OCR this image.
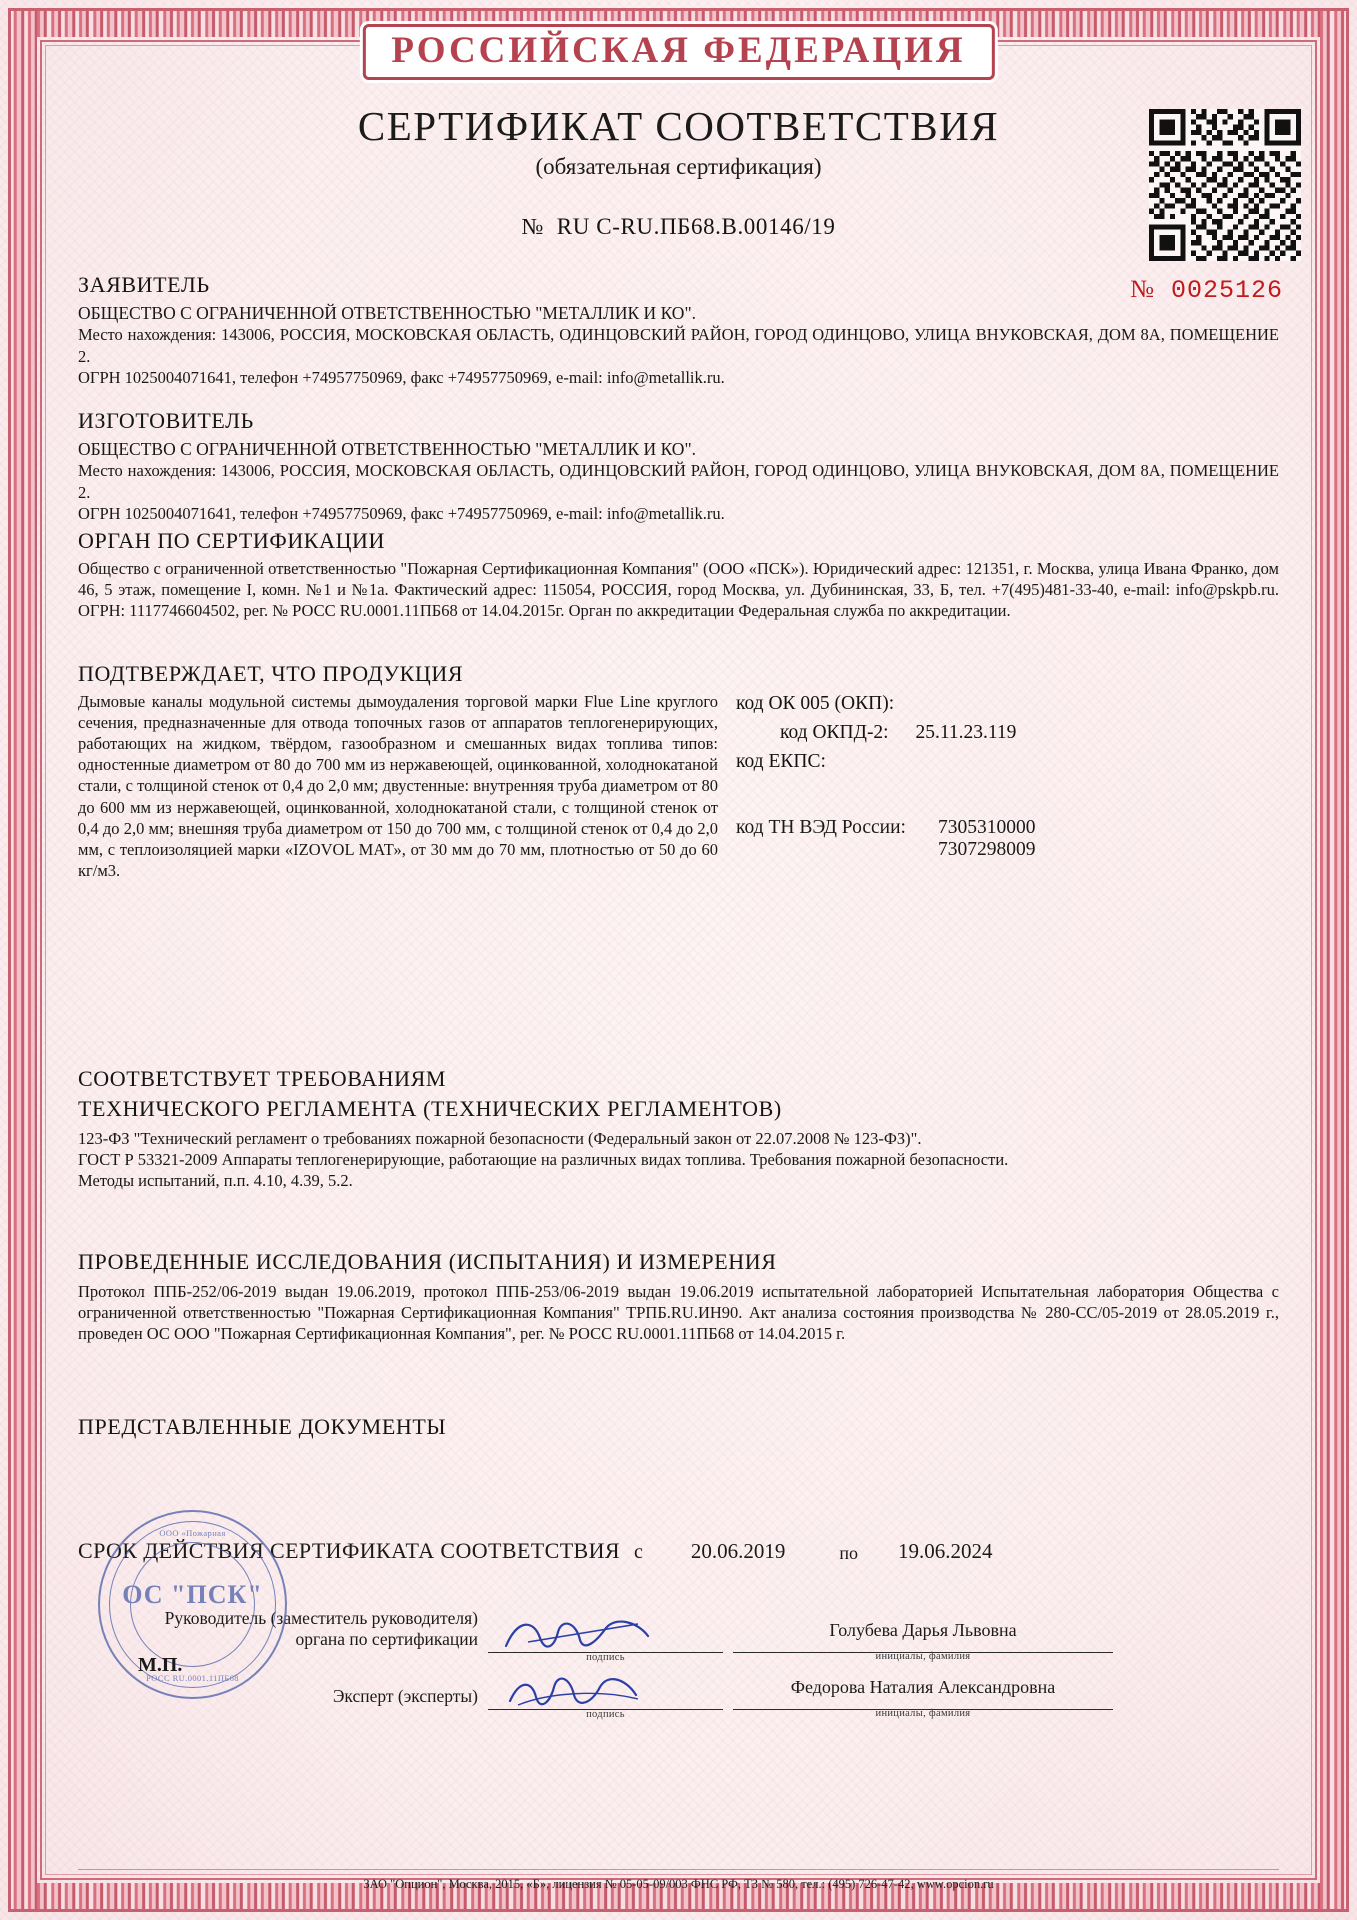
РОССИЙСКАЯ ФЕДЕРАЦИЯ
СЕРТИФИКАТ СООТВЕТСТВИЯ
(обязательная сертификация)
№ RU C-RU.ПБ68.В.00146/19
№ 0025126
ЗАЯВИТЕЛЬ

ОБЩЕСТВО С ОГРАНИЧЕННОЙ ОТВЕТСТВЕННОСТЬЮ "МЕТАЛЛИК И КО".

Место нахождения: 143006, РОССИЯ, МОСКОВСКАЯ ОБЛАСТЬ, ОДИНЦОВСКИЙ РАЙОН, ГОРОД ОДИНЦОВО, УЛИЦА ВНУКОВСКАЯ, ДОМ 8А, ПОМЕЩЕНИЕ 2.

ОГРН 1025004071641, телефон +74957750969, факс +74957750969, e-mail: info@metallik.ru.

ИЗГОТОВИТЕЛЬ

ОБЩЕСТВО С ОГРАНИЧЕННОЙ ОТВЕТСТВЕННОСТЬЮ "МЕТАЛЛИК И КО".

Место нахождения: 143006, РОССИЯ, МОСКОВСКАЯ ОБЛАСТЬ, ОДИНЦОВСКИЙ РАЙОН, ГОРОД ОДИНЦОВО, УЛИЦА ВНУКОВСКАЯ, ДОМ 8А, ПОМЕЩЕНИЕ 2.

ОГРН 1025004071641, телефон +74957750969, факс +74957750969, e-mail: info@metallik.ru.

ОРГАН ПО СЕРТИФИКАЦИИ

Общество с ограниченной ответственностью "Пожарная Сертификационная Компания" (ООО «ПСК»). Юридический адрес: 121351, г. Москва, улица Ивана Франко, дом 46, 5 этаж, помещение I, комн. №1 и №1а. Фактический адрес: 115054, РОССИЯ, город Москва, ул. Дубининская, 33, Б, тел. +7(495)481-33-40, e-mail: info@pskpb.ru. ОГРН: 1117746604502, рег. № РОСС RU.0001.11ПБ68 от 14.04.2015г. Орган по аккредитации Федеральная служба по аккредитации.

ПОДТВЕРЖДАЕТ, ЧТО ПРОДУКЦИЯ

Дымовые каналы модульной системы дымоудаления торговой марки Flue Line круглого сечения, предназначенные для отвода топочных газов от аппаратов теплогенерирующих, работающих на жидком, твёрдом, газообразном и смешанных видах топлива типов: одностенные диаметром от 80 до 700 мм из нержавеющей, оцинкованной, холоднокатаной стали, с толщиной стенок от 0,4 до 2,0 мм; двустенные: внутренняя труба диаметром от 80 до 600 мм из нержавеющей, оцинкованной, холоднокатаной стали, с толщиной стенок от 0,4 до 2,0 мм; внешняя труба диаметром от 150 до 700 мм, с толщиной стенок от 0,4 до 2,0 мм, с теплоизоляцией марки «IZOVOL МАТ», от 30 мм до 70 мм, плотностью от 50 до 60 кг/м3.

код ОК 005 (ОКП):
код ОКПД-2: 25.11.23.119
код ЕКПС:
код ТН ВЭД России:	7305310000
7307298009
СООТВЕТСТВУЕТ ТРЕБОВАНИЯМ
ТЕХНИЧЕСКОГО РЕГЛАМЕНТА (ТЕХНИЧЕСКИХ РЕГЛАМЕНТОВ)

123-ФЗ "Технический регламент о требованиях пожарной безопасности (Федеральный закон от 22.07.2008 № 123-ФЗ)".

ГОСТ Р 53321-2009 Аппараты теплогенерирующие, работающие на различных видах топлива. Требования пожарной безопасности.

Методы испытаний, п.п. 4.10, 4.39, 5.2.

ПРОВЕДЕННЫЕ ИССЛЕДОВАНИЯ (ИСПЫТАНИЯ) И ИЗМЕРЕНИЯ

Протокол ППБ-252/06-2019 выдан 19.06.2019, протокол ППБ-253/06-2019 выдан 19.06.2019 испытательной лабораторией Испытательная лаборатория Общества с ограниченной ответственностью "Пожарная Сертификационная Компания" ТРПБ.RU.ИН90. Акт анализа состояния производства № 280-СС/05-2019 от 28.05.2019 г., проведен ОС ООО "Пожарная Сертификационная Компания", рег. № РОСС RU.0001.11ПБ68 от 14.04.2015 г.

ПРЕДСТАВЛЕННЫЕ ДОКУМЕНТЫ

СРОК ДЕЙСТВИЯ СЕРТИФИКАТА СООТВЕТСТВИЯ с 20.06.2019	по 19.06.2024
ООО «Пожарная
ОС "ПСК"
РОСС RU.0001.11ПБ68
М.П.
Руководитель (заместитель руководителя)
органа по сертификации
подпись
Голубева Дарья Львовна
инициалы, фамилия
Эксперт (эксперты)
подпись
Федорова Наталия Александровна
инициалы, фамилия
ЗАО "Опцион", Москва, 2015, «Б», лицензия № 05-05-09/003 ФНС РФ, ТЗ № 580, тел.: (495) 726-47-42, www.opcion.ru
